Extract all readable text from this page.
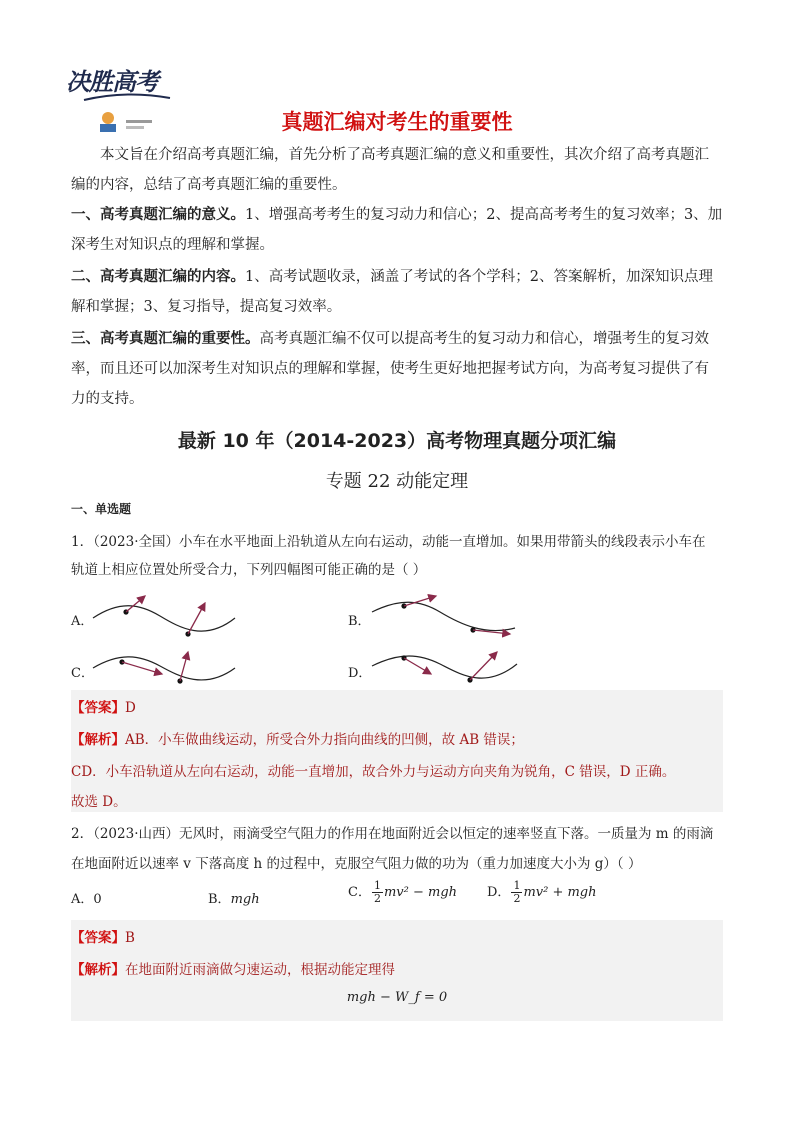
决胜高考
真题汇编对考生的重要性
本文旨在介绍高考真题汇编，首先分析了高考真题汇编的意义和重要性，其次介绍了高考真题汇编的内容，总结了高考真题汇编的重要性。
一、高考真题汇编的意义。1、增强高考考生的复习动力和信心；2、提高高考考生的复习效率；3、加深考生对知识点的理解和掌握。
二、高考真题汇编的内容。1、高考试题收录，涵盖了考试的各个学科；2、答案解析，加深知识点理解和掌握；3、复习指导，提高复习效率。
三、高考真题汇编的重要性。高考真题汇编不仅可以提高考生的复习动力和信心，增强考生的复习效率，而且还可以加深考生对知识点的理解和掌握，使考生更好地把握考试方向，为高考复习提供了有力的支持。
最新 10 年（2014-2023）高考物理真题分项汇编
专题 22 动能定理
一、单选题
1．（2023·全国）小车在水平地面上沿轨道从左向右运动，动能一直增加。如果用带箭头的线段表示小车在
轨道上相应位置处所受合力，下列四幅图可能正确的是（ ）
A．	B．
C．	D．
【答案】D
【解析】AB．小车做曲线运动，所受合外力指向曲线的凹侧，故 AB 错误；
CD．小车沿轨道从左向右运动，动能一直增加，故合外力与运动方向夹角为锐角，C 错误，D 正确。
故选 D。
2．（2023·山西）无风时，雨滴受空气阻力的作用在地面附近会以恒定的速率竖直下落。一质量为 m 的雨滴
在地面附近以速率 v 下落高度 h 的过程中，克服空气阻力做的功为（重力加速度大小为 g）（ ）
A．0	B．mgh	C． $\frac{1}{2} mv^2$ − mgh D． $\frac{1}{2} mv^2$ + mgh
【答案】B
【解析】在地面附近雨滴做匀速运动，根据动能定理得
mgh − W_f = 0
